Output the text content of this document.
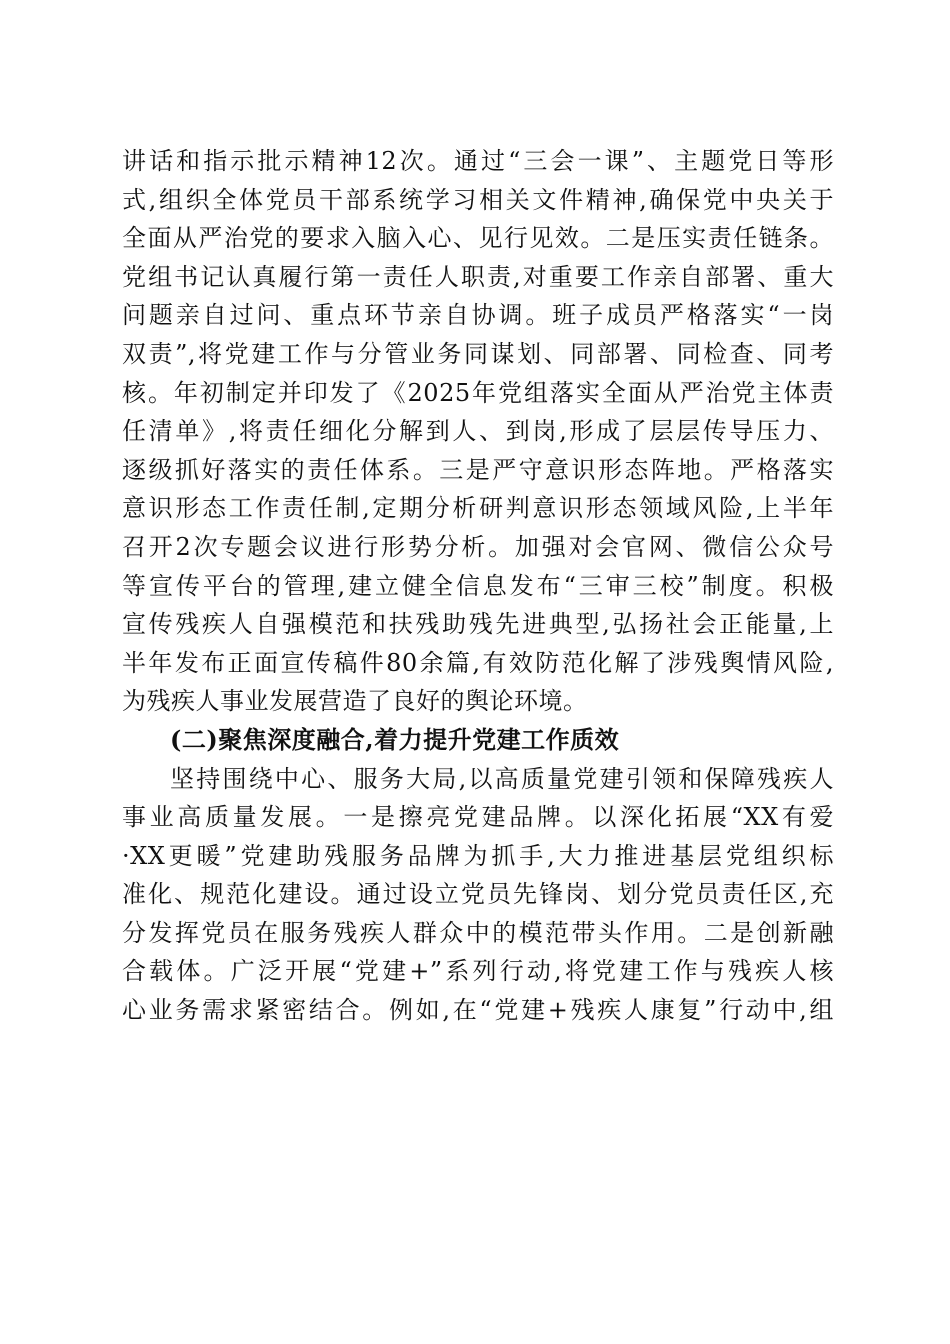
讲话和指示批示精神12次。通过“三会一课”、主题党日等形
式,组织全体党员干部系统学习相关文件精神,确保党中央关于
全面从严治党的要求入脑入心、见行见效。二是压实责任链条。
党组书记认真履行第一责任人职责,对重要工作亲自部署、重大
问题亲自过问、重点环节亲自协调。班子成员严格落实“一岗
双责”,将党建工作与分管业务同谋划、同部署、同检查、同考
核。年初制定并印发了《2025年党组落实全面从严治党主体责
任清单》,将责任细化分解到人、到岗,形成了层层传导压力、
逐级抓好落实的责任体系。三是严守意识形态阵地。严格落实
意识形态工作责任制,定期分析研判意识形态领域风险,上半年
召开2次专题会议进行形势分析。加强对会官网、微信公众号
等宣传平台的管理,建立健全信息发布“三审三校”制度。积极
宣传残疾人自强模范和扶残助残先进典型,弘扬社会正能量,上
半年发布正面宣传稿件80余篇,有效防范化解了涉残舆情风险,
为残疾人事业发展营造了良好的舆论环境。
(二)聚焦深度融合,着力提升党建工作质效
坚持围绕中心、服务大局,以高质量党建引领和保障残疾人
事业高质量发展。一是擦亮党建品牌。以深化拓展“XX有爱
·XX更暖”党建助残服务品牌为抓手,大力推进基层党组织标
准化、规范化建设。通过设立党员先锋岗、划分党员责任区,充
分发挥党员在服务残疾人群众中的模范带头作用。二是创新融
合载体。广泛开展“党建+”系列行动,将党建工作与残疾人核
心业务需求紧密结合。例如,在“党建+残疾人康复”行动中,组
